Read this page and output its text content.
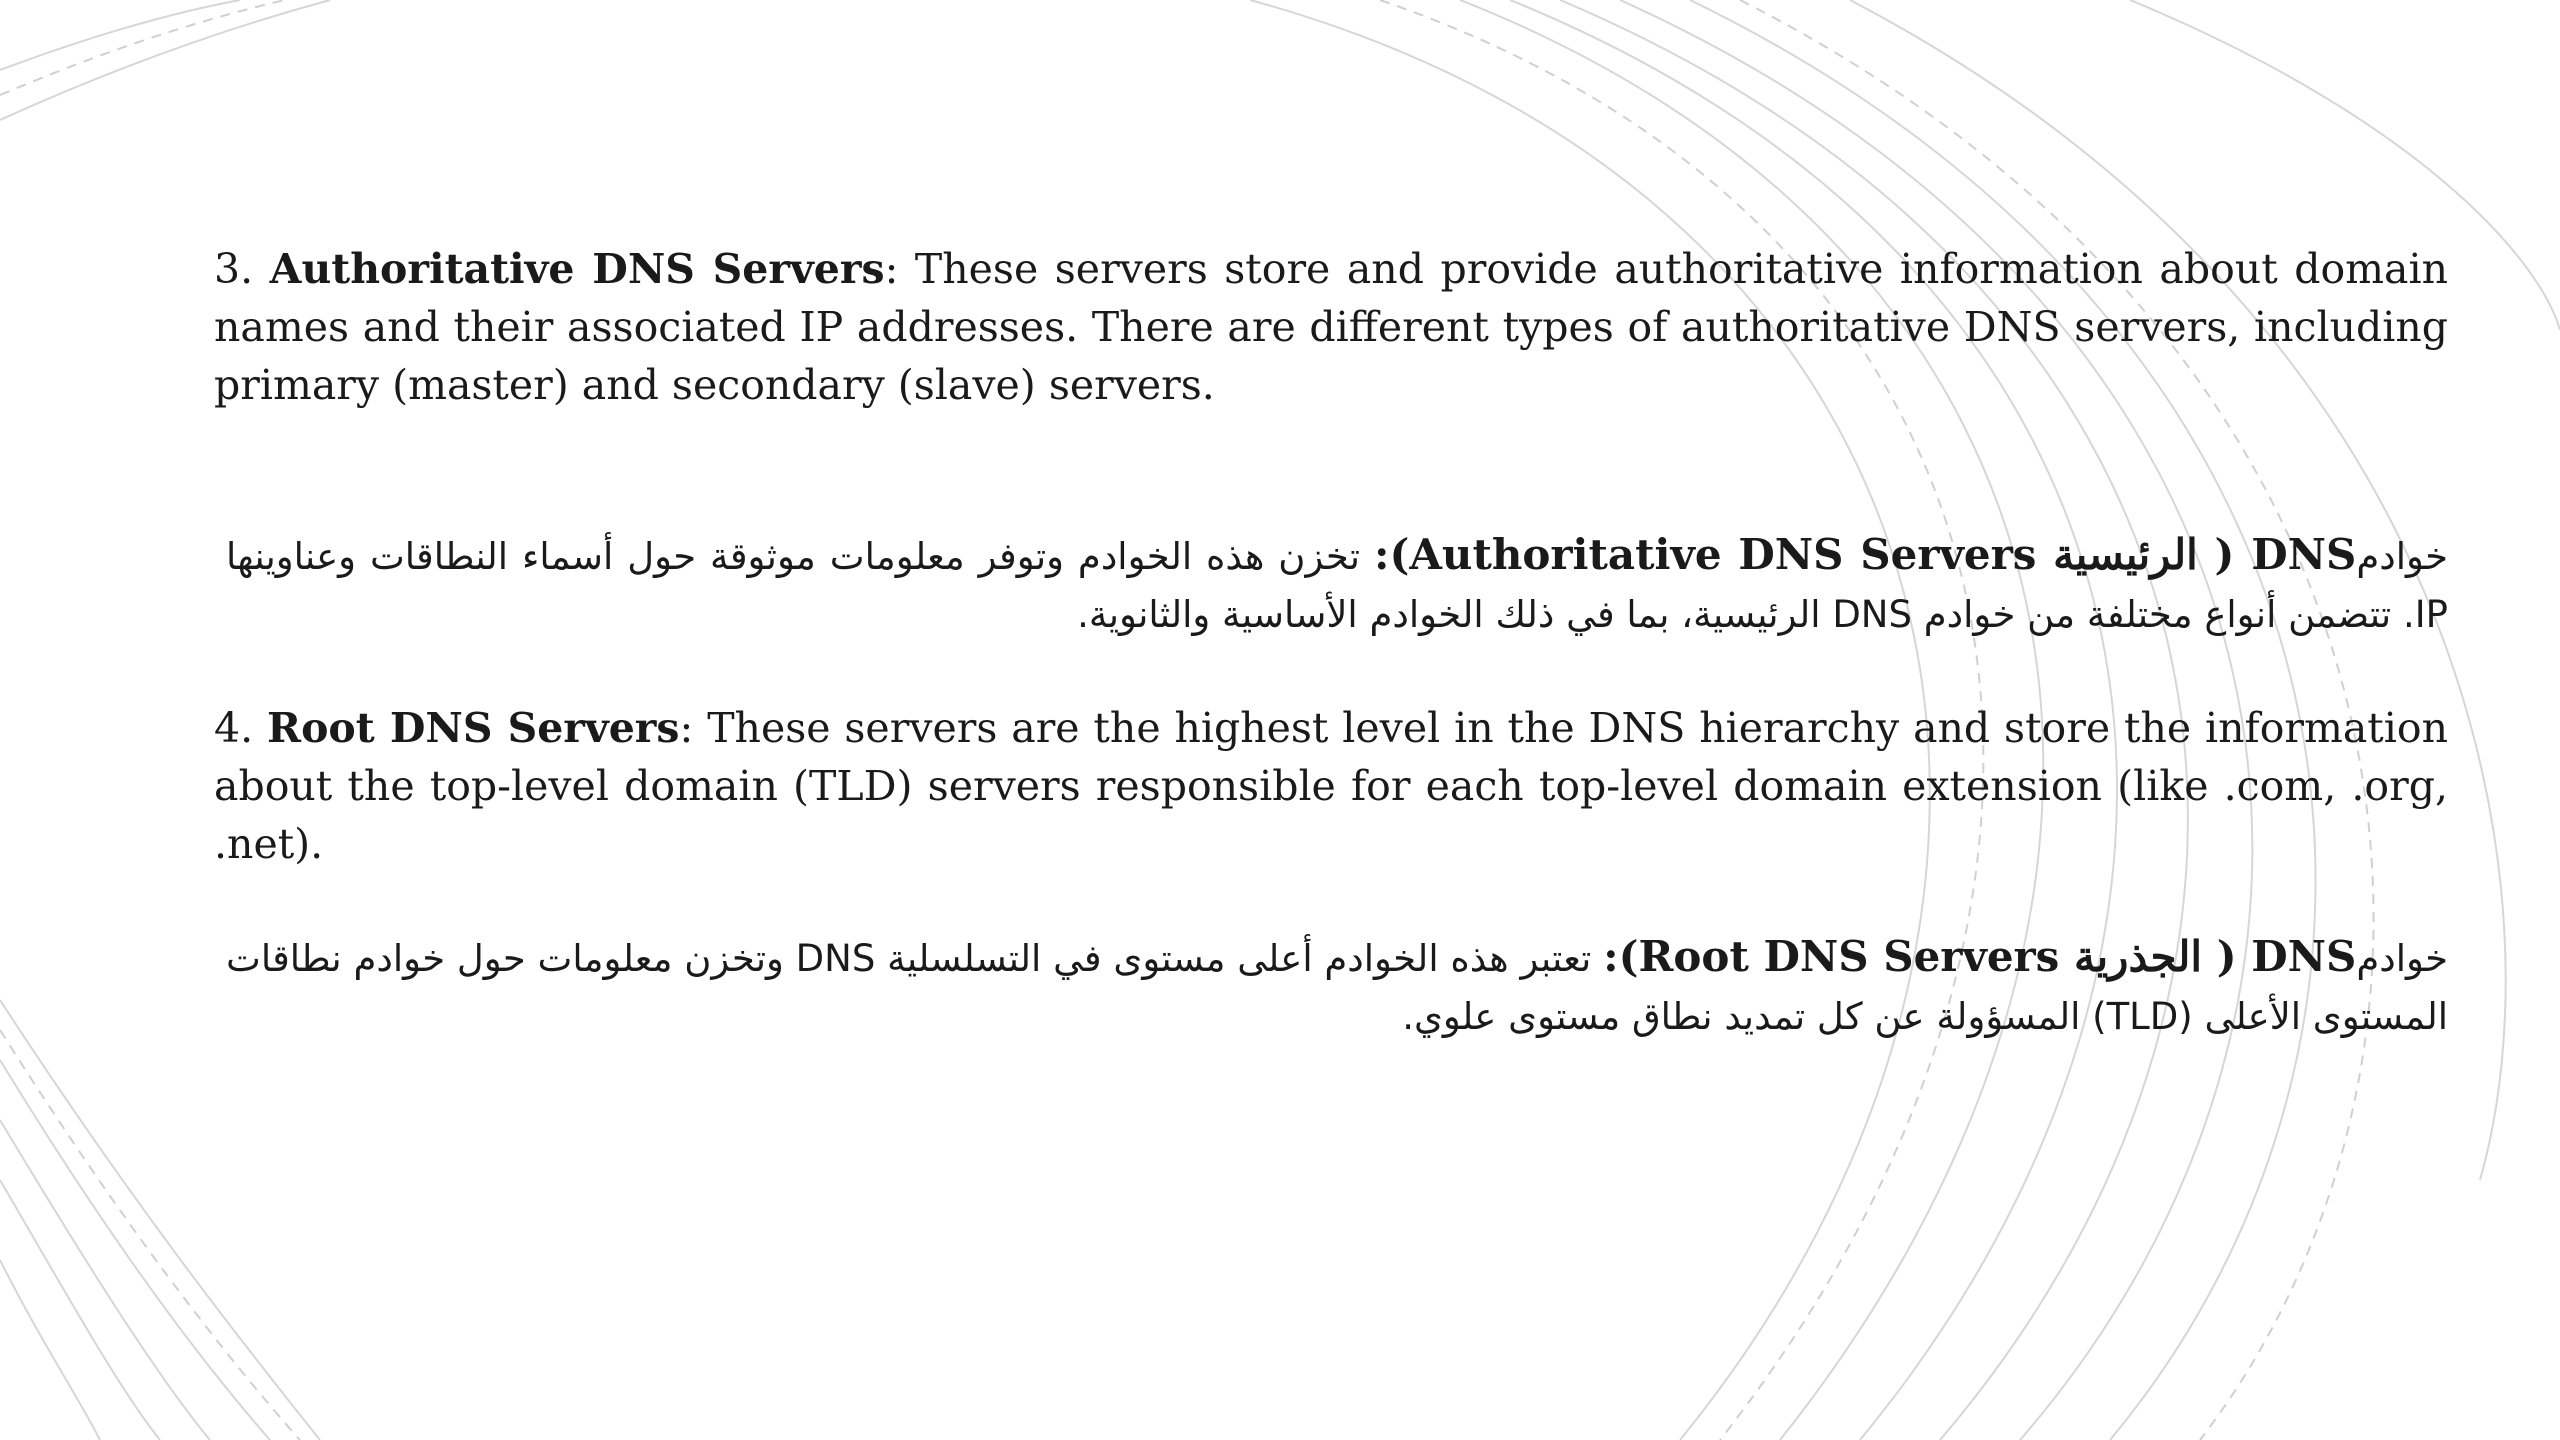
3. Authoritative DNS Servers: These servers store and provide authoritative information about domain names and their associated IP addresses. There are different types of authoritative DNS servers, including primary (master) and secondary (slave) servers.

خوادمDNS ( الرئيسية Authoritative DNS Servers): تخزن هذه الخوادم وتوفر معلومات موثوقة حول أسماء النطاقات وعناوينها IP. تتضمن أنواع مختلفة من خوادم DNS الرئيسية، بما في ذلك الخوادم الأساسية والثانوية.

4. Root DNS Servers: These servers are the highest level in the DNS hierarchy and store the information about the top-level domain (TLD) servers responsible for each top-level domain extension (like .com, .org, .net).

خوادمDNS ( الجذرية Root DNS Servers): تعتبر هذه الخوادم أعلى مستوى في التسلسلية DNS وتخزن معلومات حول خوادم نطاقات المستوى الأعلى (TLD) المسؤولة عن كل تمديد نطاق مستوى علوي.
